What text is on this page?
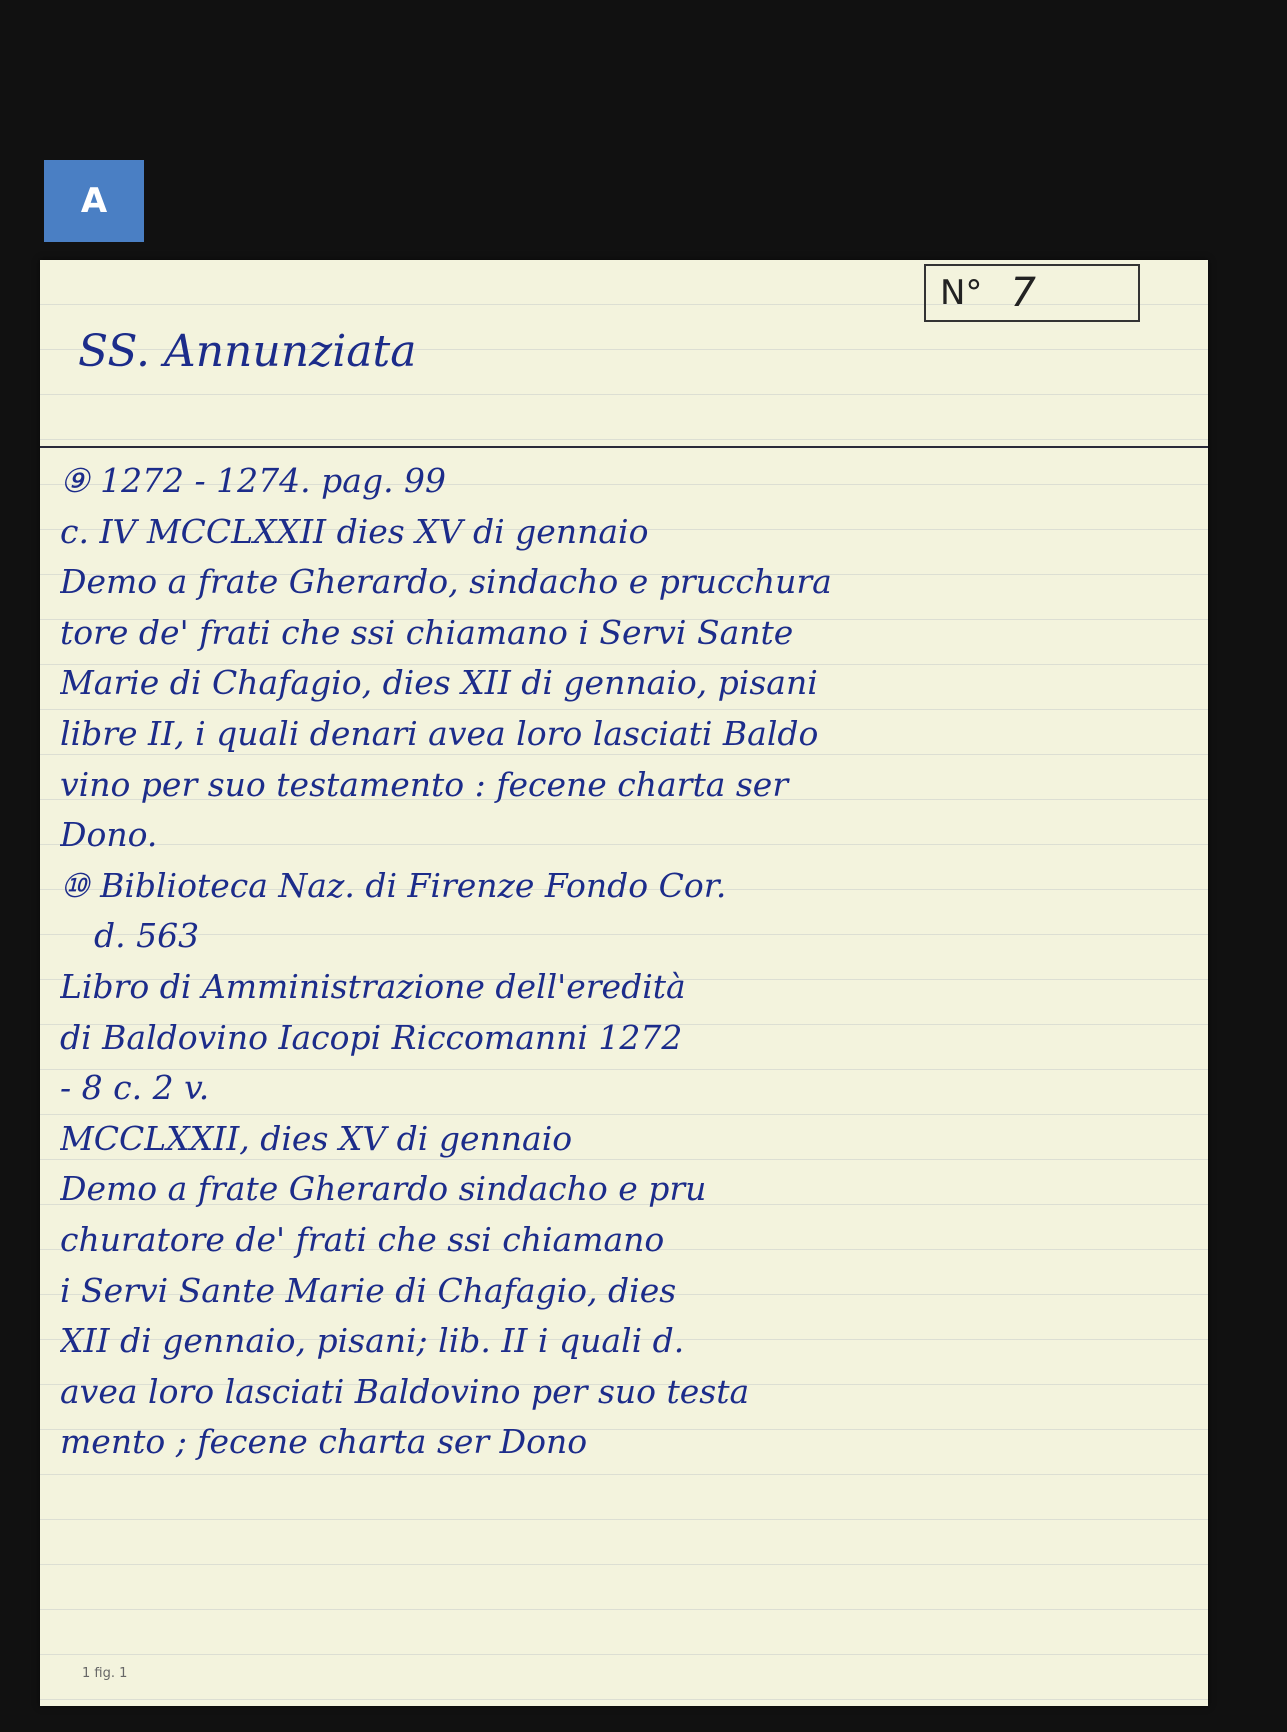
A
N° 7
SS. Annunziata
⑨ 1272 - 1274. pag. 99
c. IV MCCLXXII dies XV di gennaio
Demo a frate Gherardo, sindacho e prucchura
tore de' frati che ssi chiamano i Servi Sante
Marie di Chafagio, dies XII di gennaio, pisani
libre II, i quali denari avea loro lasciati Baldo
vino per suo testamento : fecene charta ser
Dono.
⑩ Biblioteca Naz. di Firenze Fondo Cor.
d. 563
Libro di Amministrazione dell'eredità
di Baldovino Iacopi Riccomanni 1272
- 8 c. 2 v.
MCCLXXII, dies XV di gennaio
Demo a frate Gherardo sindacho e pru
churatore de' frati che ssi chiamano
i Servi Sante Marie di Chafagio, dies
XII di gennaio, pisani; lib. II i quali d.
avea loro lasciati Baldovino per suo testa
mento ; fecene charta ser Dono
1 fig. 1
